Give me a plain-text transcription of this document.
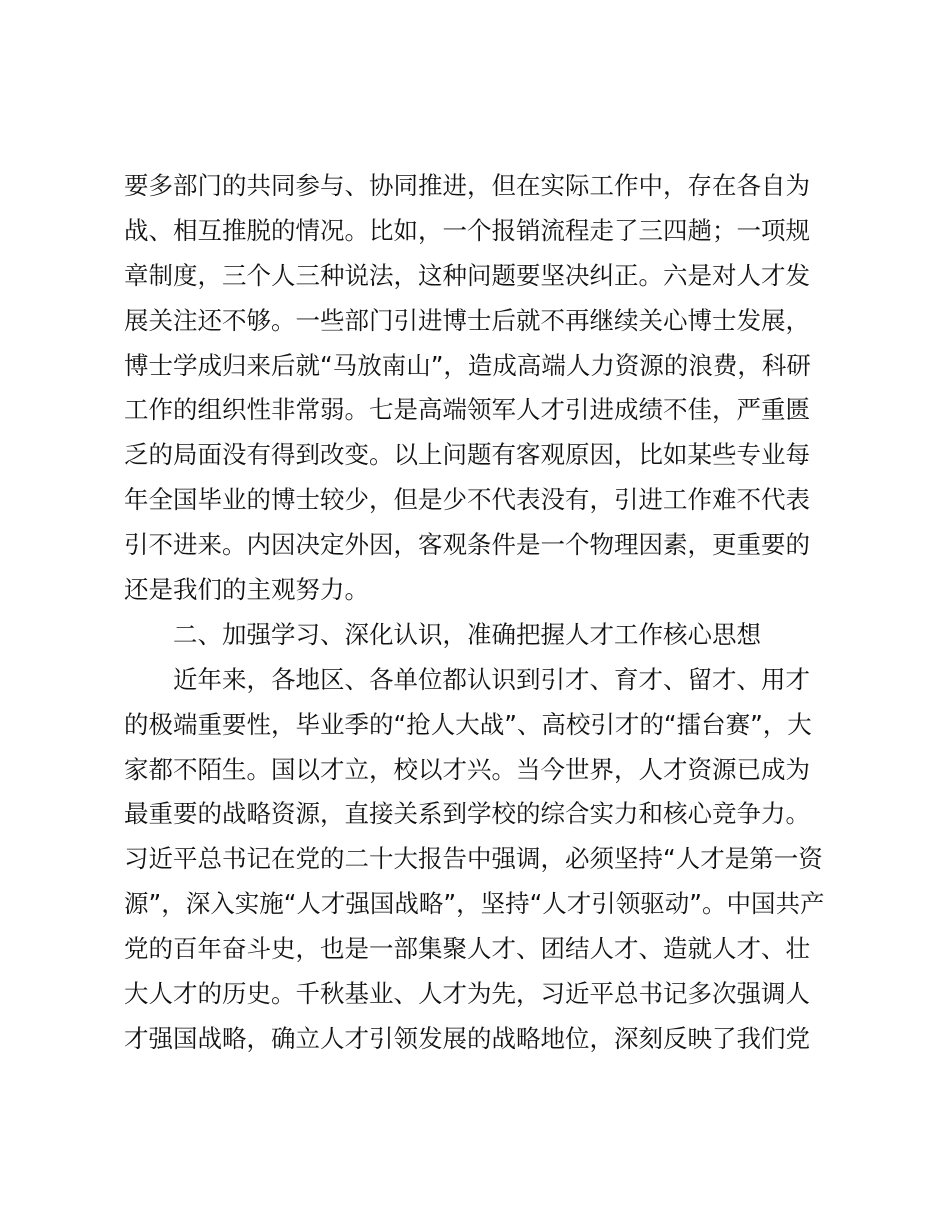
要多部门的共同参与、协同推进，但在实际工作中，存在各自为
战、相互推脱的情况。比如，一个报销流程走了三四趟；一项规
章制度，三个人三种说法，这种问题要坚决纠正。六是对人才发
展关注还不够。一些部门引进博士后就不再继续关心博士发展，
博士学成归来后就“马放南山”，造成高端人力资源的浪费，科研
工作的组织性非常弱。七是高端领军人才引进成绩不佳，严重匮
乏的局面没有得到改变。以上问题有客观原因，比如某些专业每
年全国毕业的博士较少，但是少不代表没有，引进工作难不代表
引不进来。内因决定外因，客观条件是一个物理因素，更重要的
还是我们的主观努力。
二、加强学习、深化认识，准确把握人才工作核心思想
近年来，各地区、各单位都认识到引才、育才、留才、用才
的极端重要性，毕业季的“抢人大战”、高校引才的“擂台赛”，大
家都不陌生。国以才立，校以才兴。当今世界，人才资源已成为
最重要的战略资源，直接关系到学校的综合实力和核心竞争力。
习近平总书记在党的二十大报告中强调，必须坚持“人才是第一资
源”，深入实施“人才强国战略”，坚持“人才引领驱动”。中国共产
党的百年奋斗史，也是一部集聚人才、团结人才、造就人才、壮
大人才的历史。千秋基业、人才为先，习近平总书记多次强调人
才强国战略，确立人才引领发展的战略地位，深刻反映了我们党
